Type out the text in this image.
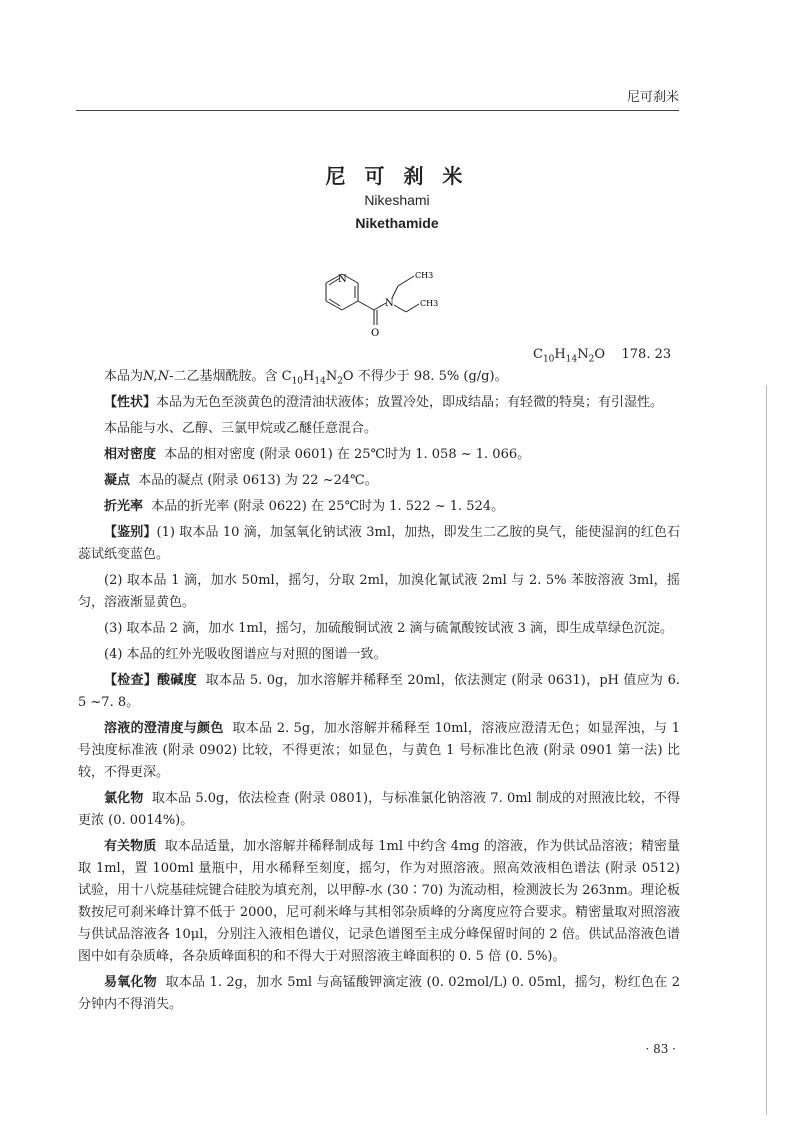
尼可刹米
尼 可 刹 米
Nikeshami
Nikethamide
N
N
O
CH3
CH3
$C_{10}H_{14}N_2O$ 178. 23

本品为N,N-二乙基烟酰胺。含 $C_{10}H_{14}N_2O$ 不得少于 98. 5% (g/g)。

【性状】本品为无色至淡黄色的澄清油状液体；放置冷处，即成结晶；有轻微的特臭；有引湿性。

本品能与水、乙醇、三氯甲烷或乙醚任意混合。

相对密度 本品的相对密度 (附录 0601) 在 25℃时为 1. 058 ~ 1. 066。

凝点 本品的凝点 (附录 0613) 为 22 ~24℃。

折光率 本品的折光率 (附录 0622) 在 25℃时为 1. 522 ~ 1. 524。

【鉴别】(1) 取本品 10 滴，加氢氧化钠试液 3ml，加热，即发生二乙胺的臭气，能使湿润的红色石蕊试纸变蓝色。

(2) 取本品 1 滴，加水 50ml，摇匀，分取 2ml，加溴化氰试液 2ml 与 2. 5% 苯胺溶液 3ml，摇匀，溶液渐显黄色。

(3) 取本品 2 滴，加水 1ml，摇匀，加硫酸铜试液 2 滴与硫氰酸铵试液 3 滴，即生成草绿色沉淀。

(4) 本品的红外光吸收图谱应与对照的图谱一致。

【检查】酸碱度 取本品 5. 0g，加水溶解并稀释至 20ml，依法测定 (附录 0631)，pH 值应为 6. 5 ~7. 8。

溶液的澄清度与颜色 取本品 2. 5g，加水溶解并稀释至 10ml，溶液应澄清无色；如显浑浊，与 1 号浊度标准液 (附录 0902) 比较，不得更浓；如显色，与黄色 1 号标准比色液 (附录 0901 第一法) 比较，不得更深。

氯化物 取本品 5.0g，依法检查 (附录 0801)，与标准氯化钠溶液 7. 0ml 制成的对照液比较，不得更浓 (0. 0014%)。

有关物质 取本品适量，加水溶解并稀释制成每 1ml 中约含 4mg 的溶液，作为供试品溶液；精密量取 1ml，置 100ml 量瓶中，用水稀释至刻度，摇匀，作为对照溶液。照高效液相色谱法 (附录 0512) 试验，用十八烷基硅烷键合硅胶为填充剂，以甲醇-水 (30∶70) 为流动相，检测波长为 263nm。理论板数按尼可刹米峰计算不低于 2000，尼可刹米峰与其相邻杂质峰的分离度应符合要求。精密量取对照溶液与供试品溶液各 10μl，分别注入液相色谱仪，记录色谱图至主成分峰保留时间的 2 倍。供试品溶液色谱图中如有杂质峰，各杂质峰面积的和不得大于对照溶液主峰面积的 0. 5 倍 (0. 5%)。

易氧化物 取本品 1. 2g，加水 5ml 与高锰酸钾滴定液 (0. 02mol/L) 0. 05ml，摇匀，粉红色在 2 分钟内不得消失。

· 83 ·
